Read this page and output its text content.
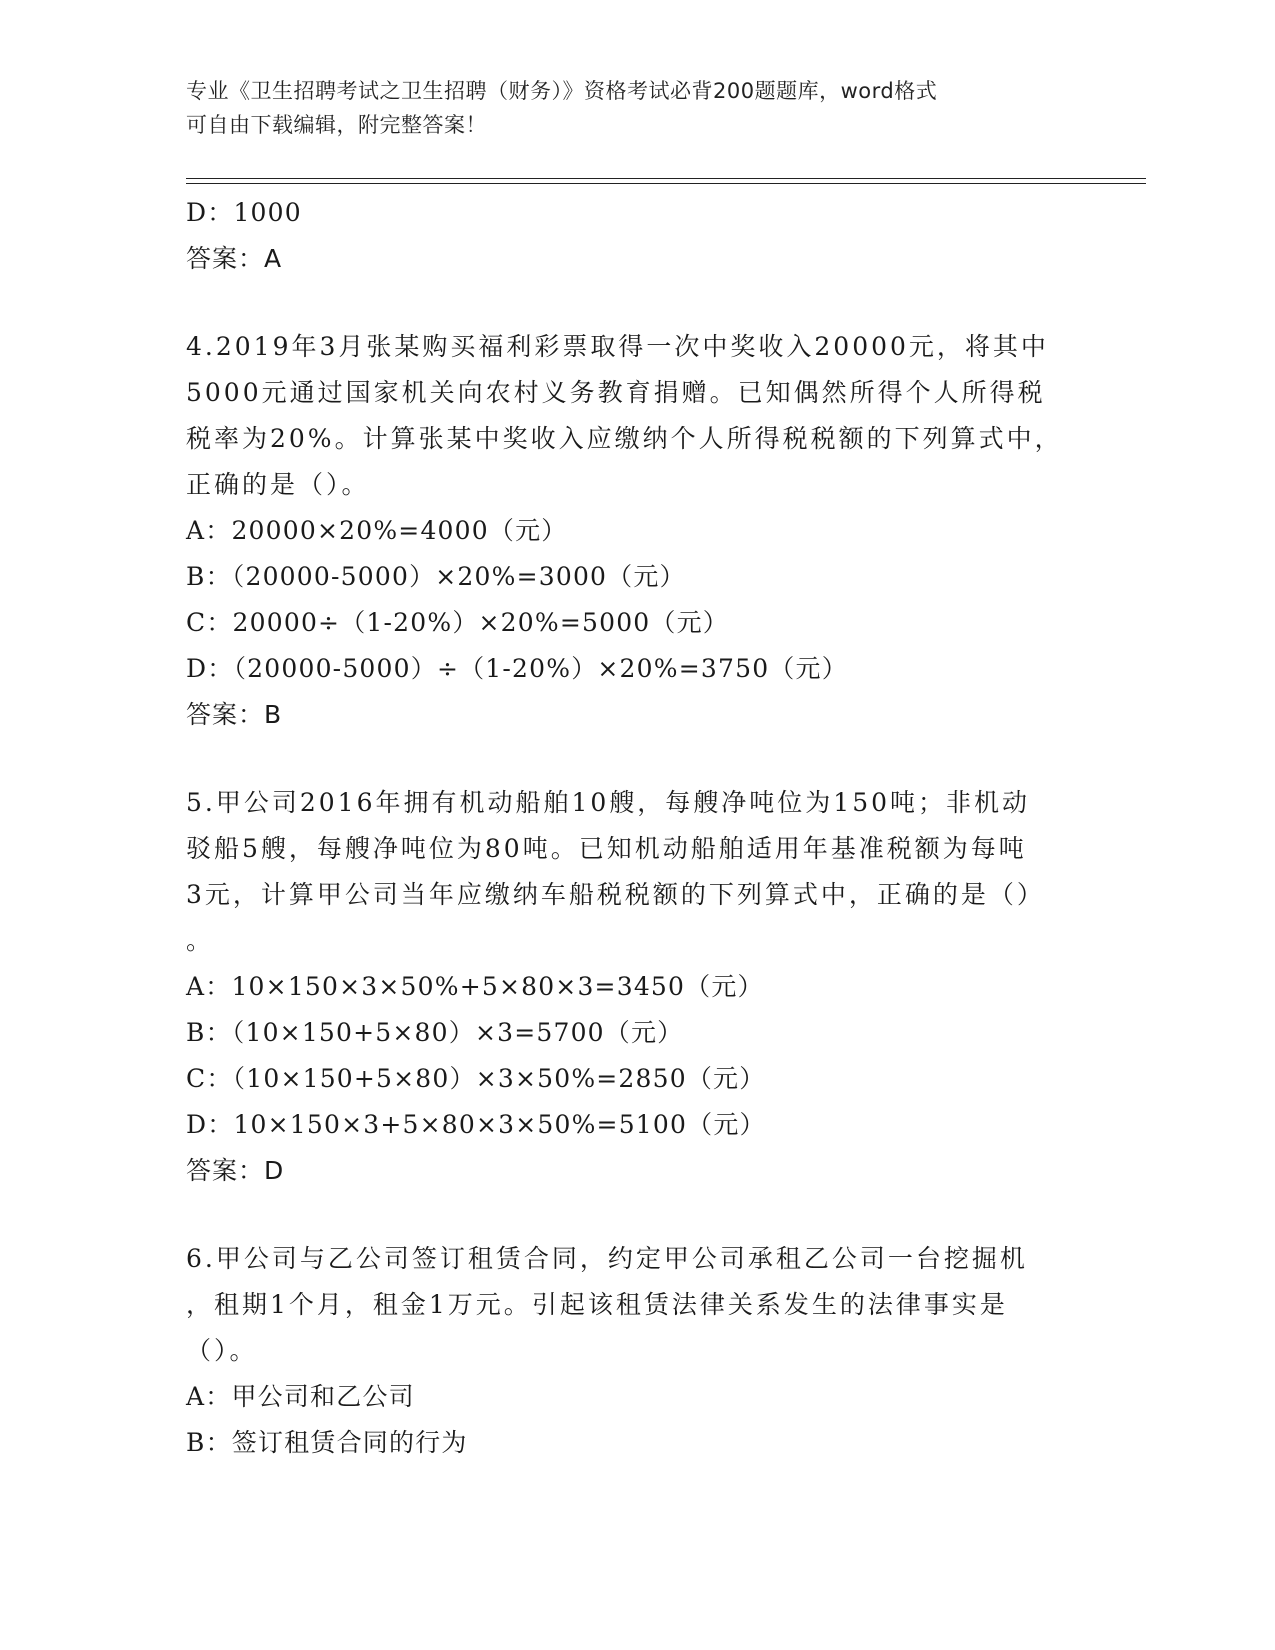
专业《卫生招聘考试之卫生招聘（财务）》资格考试必背200题题库，word格式
可自由下载编辑，附完整答案！
D：1000
答案：A
4.2019年3月张某购买福利彩票取得一次中奖收入20000元，将其中
5000元通过国家机关向农村义务教育捐赠。已知偶然所得个人所得税
税率为20%。计算张某中奖收入应缴纳个人所得税税额的下列算式中，
正确的是（）。
A：20000×20%=4000（元）
B：（20000-5000）×20%=3000（元）
C：20000÷（1-20%）×20%=5000（元）
D：（20000-5000）÷（1-20%）×20%=3750（元）
答案：B
5.甲公司2016年拥有机动船舶10艘，每艘净吨位为150吨；非机动
驳船5艘，每艘净吨位为80吨。已知机动船舶适用年基准税额为每吨
3元，计算甲公司当年应缴纳车船税税额的下列算式中，正确的是（）
。
A：10×150×3×50%+5×80×3=3450（元）
B：（10×150+5×80）×3=5700（元）
C：（10×150+5×80）×3×50%=2850（元）
D：10×150×3+5×80×3×50%=5100（元）
答案：D
6.甲公司与乙公司签订租赁合同，约定甲公司承租乙公司一台挖掘机
，租期1个月，租金1万元。引起该租赁法律关系发生的法律事实是
（）。
A：甲公司和乙公司
B：签订租赁合同的行为
